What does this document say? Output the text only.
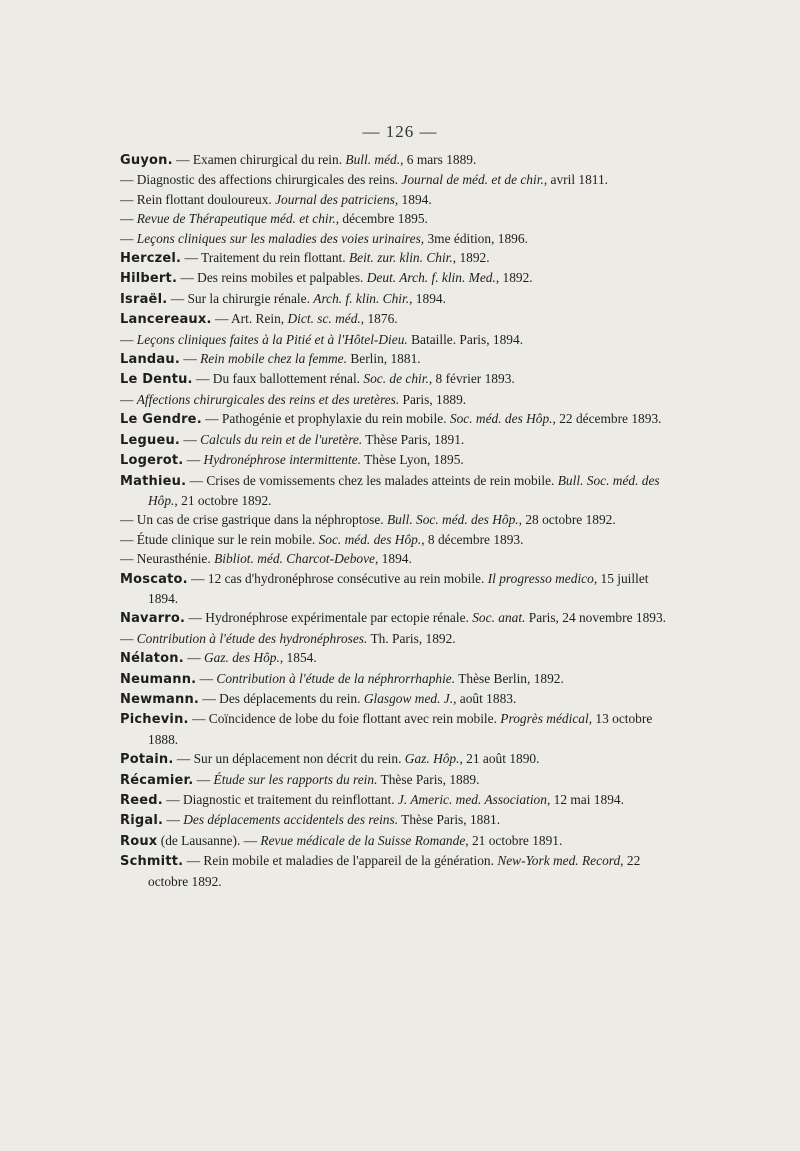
— 126 —
Guyon. — Examen chirurgical du rein. Bull. méd., 6 mars 1889.
— Diagnostic des affections chirurgicales des reins. Journal de méd. et de chir., avril 1811.
— Rein flottant douloureux. Journal des patriciens, 1894.
— Revue de Thérapeutique méd. et chir., décembre 1895.
— Leçons cliniques sur les maladies des voies urinaires, 3me édition, 1896.
Herczel. — Traitement du rein flottant. Beit. zur. klin. Chir., 1892.
Hilbert. — Des reins mobiles et palpables. Deut. Arch. f. klin. Med., 1892.
Israël. — Sur la chirurgie rénale. Arch. f. klin. Chir., 1894.
Lancereaux. — Art. Rein, Dict. sc. méd., 1876.
— Leçons cliniques faites à la Pitié et à l'Hôtel-Dieu. Bataille. Paris, 1894.
Landau. — Rein mobile chez la femme. Berlin, 1881.
Le Dentu. — Du faux ballottement rénal. Soc. de chir., 8 février 1893.
— Affections chirurgicales des reins et des uretères. Paris, 1889.
Le Gendre. — Pathogénie et prophylaxie du rein mobile. Soc. méd. des Hôp., 22 décembre 1893.
Legueu. — Calculs du rein et de l'uretère. Thèse Paris, 1891.
Logerot. — Hydronéphrose intermittente. Thèse Lyon, 1895.
Mathieu. — Crises de vomissements chez les malades atteints de rein mobile. Bull. Soc. méd. des Hôp., 21 octobre 1892.
— Un cas de crise gastrique dans la néphroptose. Bull. Soc. méd. des Hôp., 28 octobre 1892.
— Étude clinique sur le rein mobile. Soc. méd. des Hôp., 8 décembre 1893.
— Neurasthénie. Bibliot. méd. Charcot-Debove, 1894.
Moscato. — 12 cas d'hydronéphrose consécutive au rein mobile. Il progresso medico, 15 juillet 1894.
Navarro. — Hydronéphrose expérimentale par ectopie rénale. Soc. anat. Paris, 24 novembre 1893.
— Contribution à l'étude des hydronéphroses. Th. Paris, 1892.
Nélaton. — Gaz. des Hôp., 1854.
Neumann. — Contribution à l'étude de la néphrorrhaphie. Thèse Berlin, 1892.
Newmann. — Des déplacements du rein. Glasgow med. J., août 1883.
Pichevin. — Coïncidence de lobe du foie flottant avec rein mobile. Progrès médical, 13 octobre 1888.
Potain. — Sur un déplacement non décrit du rein. Gaz. Hôp., 21 août 1890.
Récamier. — Étude sur les rapports du rein. Thèse Paris, 1889.
Reed. — Diagnostic et traitement du reinflottant. J. Americ. med. Association, 12 mai 1894.
Rigal. — Des déplacements accidentels des reins. Thèse Paris, 1881.
Roux (de Lausanne). — Revue médicale de la Suisse Romande, 21 octobre 1891.
Schmitt. — Rein mobile et maladies de l'appareil de la génération. New-York med. Record, 22 octobre 1892.
